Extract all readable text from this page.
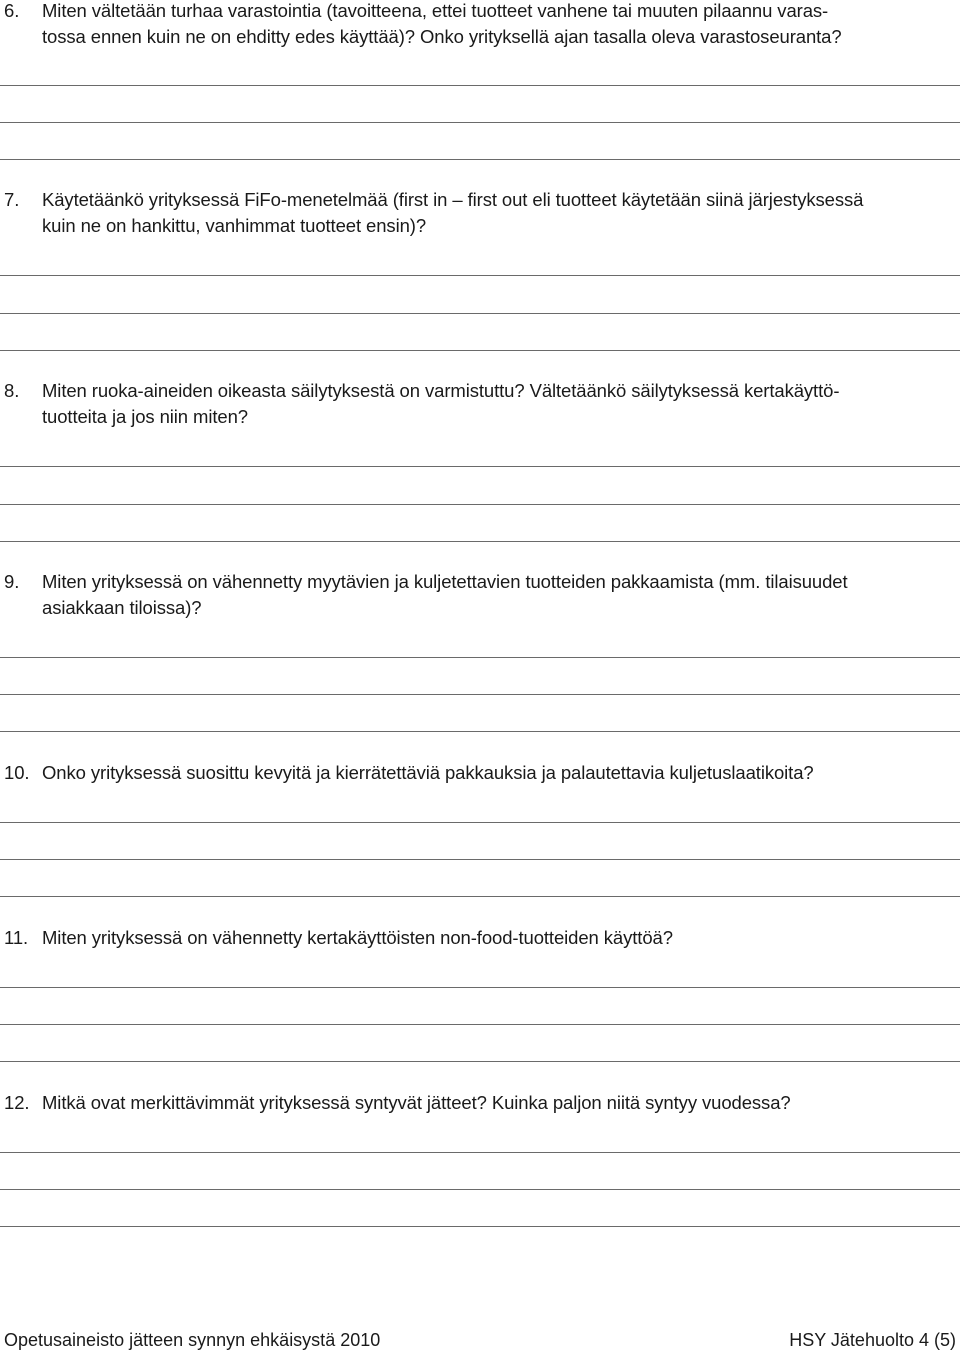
6. Miten vältetään turhaa varastointia (tavoitteena, ettei tuotteet vanhene tai muuten pilaannu varas-
tossa ennen kuin ne on ehditty edes käyttää)? Onko yrityksellä ajan tasalla oleva varastoseuranta?
7. Käytetäänkö yrityksessä FiFo-menetelmää (first in – first out eli tuotteet käytetään siinä järjestyksessä
kuin ne on hankittu, vanhimmat tuotteet ensin)?
8. Miten ruoka-aineiden oikeasta säilytyksestä on varmistuttu? Vältetäänkö säilytyksessä kertakäyttö-
tuotteita ja jos niin miten?
9. Miten yrityksessä on vähennetty myytävien ja kuljetettavien tuotteiden pakkaamista (mm. tilaisuudet
asiakkaan tiloissa)?
10. Onko yrityksessä suosittu kevyitä ja kierrätettäviä pakkauksia ja palautettavia kuljetuslaatikoita?
11. Miten yrityksessä on vähennetty kertakäyttöisten non-food-tuotteiden käyttöä?
12. Mitkä ovat merkittävimmät yrityksessä syntyvät jätteet? Kuinka paljon niitä syntyy vuodessa?
Opetusaineisto jätteen synnyn ehkäisystä 2010	HSY Jätehuolto 4 (5)
